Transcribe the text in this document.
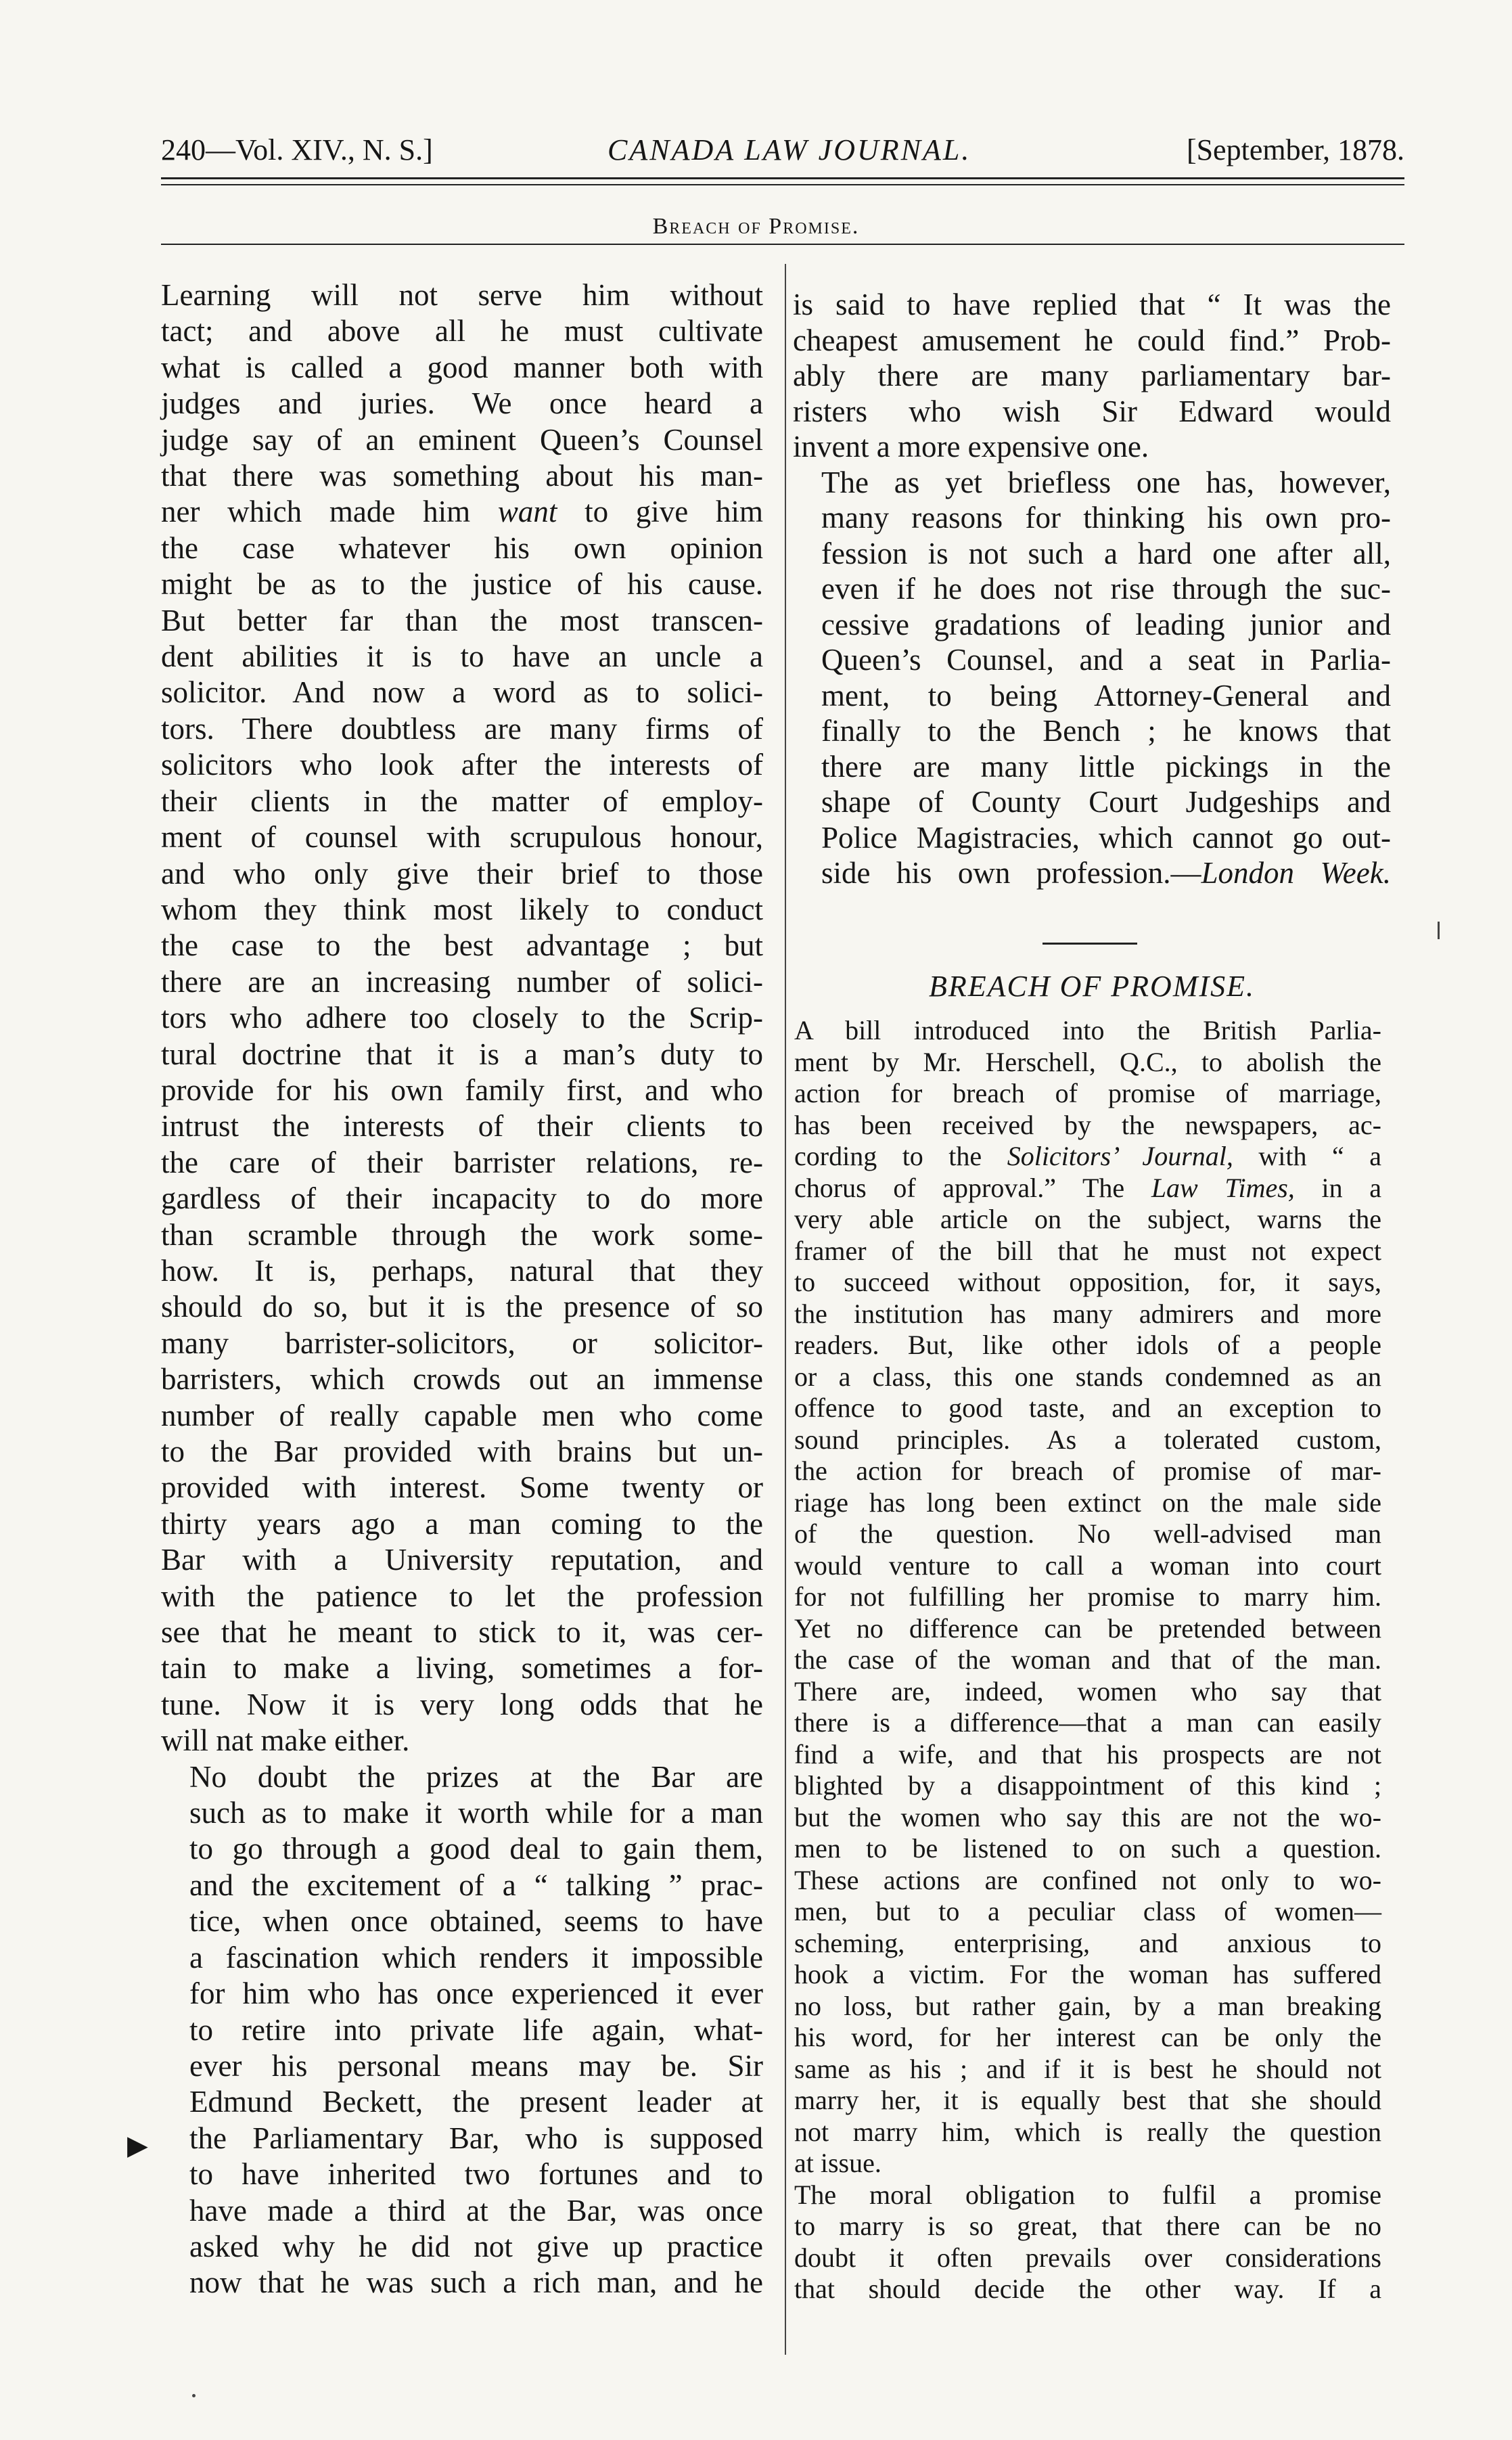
240—Vol. XIV., N. S.]	CANADA LAW JOURNAL.	[September, 1878.
Breach of Promise.

Learning will not serve him without
tact; and above all he must cultivate
what is called a good manner both with
judges and juries. We once heard a
judge say of an eminent Queen’s Counsel
that there was something about his man-
ner which made him want to give him
the case whatever his own opinion
might be as to the justice of his cause.
But better far than the most transcen-
dent abilities it is to have an uncle a
solicitor. And now a word as to solici-
tors. There doubtless are many firms of
solicitors who look after the interests of
their clients in the matter of employ-
ment of counsel with scrupulous honour,
and who only give their brief to those
whom they think most likely to conduct
the case to the best advantage ; but
there are an increasing number of solici-
tors who adhere too closely to the Scrip-
tural doctrine that it is a man’s duty to
provide for his own family first, and who
intrust the interests of their clients to
the care of their barrister relations, re-
gardless of their incapacity to do more
than scramble through the work some-
how. It is, perhaps, natural that they
should do so, but it is the presence of so
many barrister-solicitors, or solicitor-
barristers, which crowds out an immense
number of really capable men who come
to the Bar provided with brains but un-
provided with interest. Some twenty or
thirty years ago a man coming to the
Bar with a University reputation, and
with the patience to let the profession
see that he meant to stick to it, was cer-
tain to make a living, sometimes a for-
tune. Now it is very long odds that he
will nat make either.

No doubt the prizes at the Bar are
such as to make it worth while for a man
to go through a good deal to gain them,
and the excitement of a “ talking ” prac-
tice, when once obtained, seems to have
a fascination which renders it impossible
for him who has once experienced it ever
to retire into private life again, what-
ever his personal means may be. Sir
Edmund Beckett, the present leader at
the Parliamentary Bar, who is supposed
to have inherited two fortunes and to
have made a third at the Bar, was once
asked why he did not give up practice
now that he was such a rich man, and he

is said to have replied that “ It was the
cheapest amusement he could find.” Prob-
ably there are many parliamentary bar-
risters who wish Sir Edward would
invent a more expensive one.

The as yet briefless one has, however,
many reasons for thinking his own pro-
fession is not such a hard one after all,
even if he does not rise through the suc-
cessive gradations of leading junior and
Queen’s Counsel, and a seat in Parlia-
ment, to being Attorney-General and
finally to the Bench ; he knows that
there are many little pickings in the
shape of County Court Judgeships and
Police Magistracies, which cannot go out-
side his own profession.—London Week.

BREACH OF PROMISE.

A bill introduced into the British Parlia-
ment by Mr. Herschell, Q.C., to abolish the
action for breach of promise of marriage,
has been received by the newspapers, ac-
cording to the Solicitors’ Journal, with “ a
chorus of approval.” The Law Times, in a
very able article on the subject, warns the
framer of the bill that he must not expect
to succeed without opposition, for, it says,
the institution has many admirers and more
readers. But, like other idols of a people
or a class, this one stands condemned as an
offence to good taste, and an exception to
sound principles. As a tolerated custom,
the action for breach of promise of mar-
riage has long been extinct on the male side
of the question. No well-advised man
would venture to call a woman into court
for not fulfilling her promise to marry him.
Yet no difference can be pretended between
the case of the woman and that of the man.
There are, indeed, women who say that
there is a difference—that a man can easily
find a wife, and that his prospects are not
blighted by a disappointment of this kind ;
but the women who say this are not the wo-
men to be listened to on such a question.
These actions are confined not only to wo-
men, but to a peculiar class of women—
scheming, enterprising, and anxious to
hook a victim. For the woman has suffered
no loss, but rather gain, by a man breaking
his word, for her interest can be only the
same as his ; and if it is best he should not
marry her, it is equally best that she should
not marry him, which is really the question
at issue.

The moral obligation to fulfil a promise
to marry is so great, that there can be no
doubt it often prevails over considerations
that should decide the other way. If a

▶
